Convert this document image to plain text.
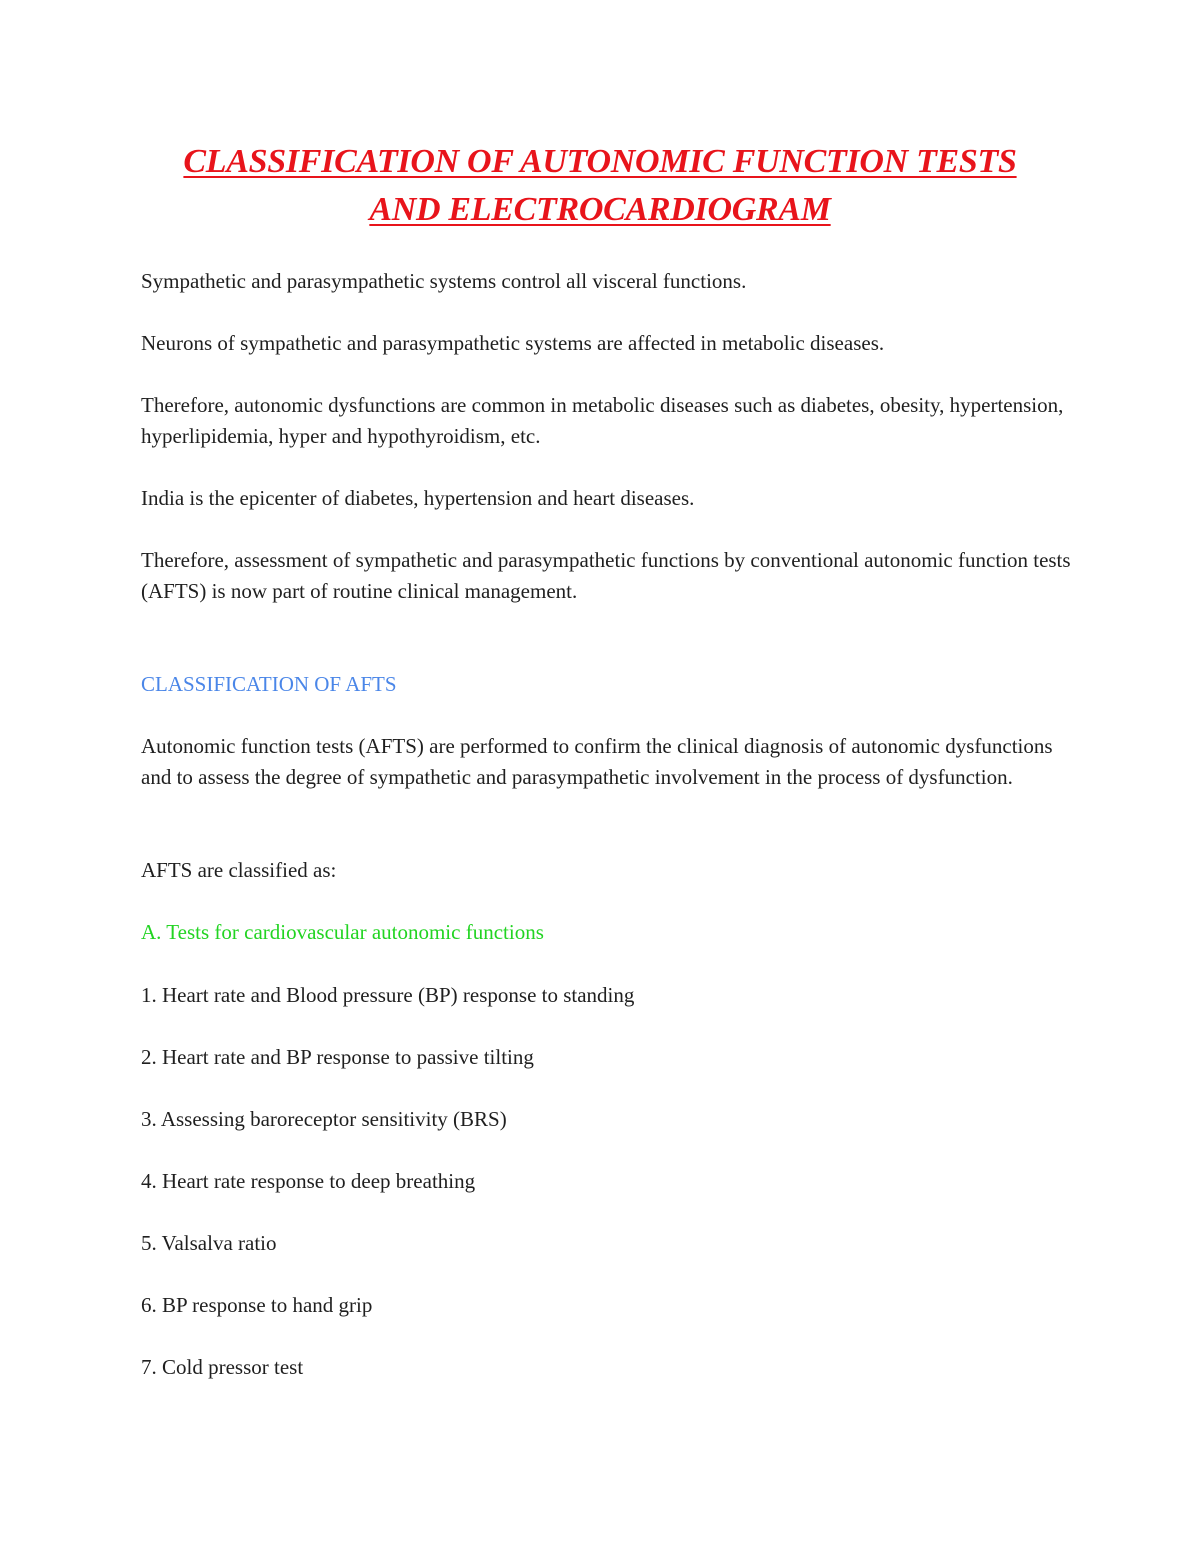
CLASSIFICATION OF AUTONOMIC FUNCTION TESTS
AND ELECTROCARDIOGRAM

Sympathetic and parasympathetic systems control all visceral functions.

Neurons of sympathetic and parasympathetic systems are affected in metabolic diseases.

Therefore, autonomic dysfunctions are common in metabolic diseases such as diabetes, obesity, hypertension, hyperlipidemia, hyper and hypothyroidism, etc.

India is the epicenter of diabetes, hypertension and heart diseases.

Therefore, assessment of sympathetic and parasympathetic functions by conventional autonomic function tests (AFTS) is now part of routine clinical management.

CLASSIFICATION OF AFTS

Autonomic function tests (AFTS) are performed to confirm the clinical diagnosis of autonomic dysfunctions and to assess the degree of sympathetic and parasympathetic involvement in the process of dysfunction.

AFTS are classified as:

A. Tests for cardiovascular autonomic functions

1. Heart rate and Blood pressure (BP) response to standing

2. Heart rate and BP response to passive tilting

3. Assessing baroreceptor sensitivity (BRS)

4. Heart rate response to deep breathing

5. Valsalva ratio

6. BP response to hand grip

7. Cold pressor test
